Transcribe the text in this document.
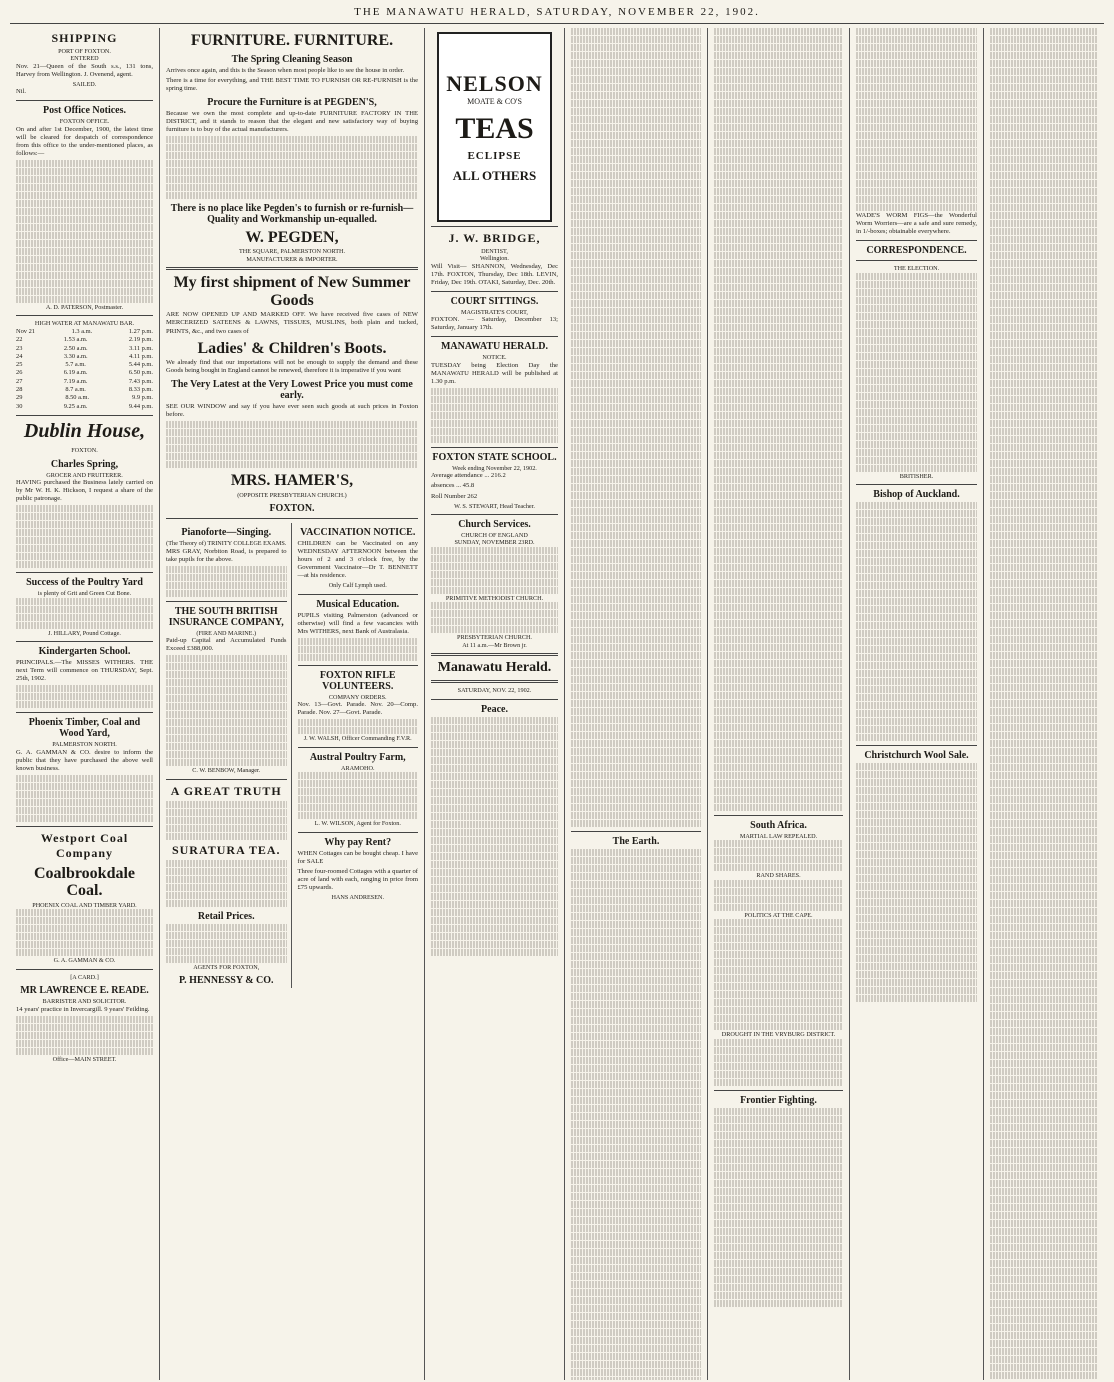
THE MANAWATU HERALD, SATURDAY, NOVEMBER 22, 1902.
SHIPPING
PORT OF FOXTON.
ENTERED
Nov. 21—Queen of the South s.s., 131 tons, Harvey from Wellington. J. Ovenend, agent.
SAILED.
Nil.
Post Office Notices.
FOXTON OFFICE.
On and after 1st December, 1900, the latest time will be cleared for despatch of correspondence from this office to the under-mentioned places, as follows:—
A. D. PATERSON, Postmaster.
HIGH WATER AT MANAWATU BAR.
Nov 21	1.3 a.m.	1.27 p.m.
22	1.53 a.m.	2.19 p.m.
23	2.50 a.m.	3.11 p.m.
24	3.30 a.m.	4.11 p.m.
25	5.7 a.m.	5.44 p.m.
26	6.19 a.m.	6.50 p.m.
27	7.19 a.m.	7.43 p.m.
28	8.7 a.m.	8.33 p.m.
29	8.50 a.m.	9.9 p.m.
30	9.25 a.m.	9.44 p.m.
Dublin House,
FOXTON.
Charles Spring,
GROCER AND FRUITERER.
HAVING purchased the Business lately carried on by Mr W. H. K. Hickson, I request a share of the public patronage.
Success of the Poultry Yard
is plenty of Grit and Green Cut Bone.
J. HILLARY, Pound Cottage.
Kindergarten School.
PRINCIPALS.—The MISSES WITHERS. THE next Term will commence on THURSDAY, Sept. 25th, 1902.
Phoenix Timber, Coal and Wood Yard,
PALMERSTON NORTH.
G. A. GAMMAN & CO. desire to inform the public that they have purchased the above well known business.
Westport Coal Company
Coalbrookdale Coal.
PHOENIX COAL AND TIMBER YARD.
G. A. GAMMAN & CO.
[A CARD.]
MR LAWRENCE E. READE.
BARRISTER AND SOLICITOR.
14 years' practice in Invercargill. 9 years' Feilding.
Office—MAIN STREET.
FURNITURE. FURNITURE.
The Spring Cleaning Season
Arrives once again, and this is the Season when most people like to see the house in order.
There is a time for everything, and THE BEST TIME TO FURNISH OR RE-FURNISH is the spring time.
Procure the Furniture is at PEGDEN'S,
Because we own the most complete and up-to-date FURNITURE FACTORY IN THE DISTRICT, and it stands to reason that the elegant and new satisfactory way of buying furniture is to buy of the actual manufacturers.
There is no place like Pegden's to furnish or re-furnish—Quality and Workmanship un-equalled.
W. PEGDEN,
THE SQUARE, PALMERSTON NORTH.
MANUFACTURER & IMPORTER.
My first shipment of New Summer Goods
ARE NOW OPENED UP AND MARKED OFF. We have received five cases of NEW MERCERIZED SATEENS & LAWNS, TISSUES, MUSLINS, both plain and tucked, PRINTS, &c., and two cases of
Ladies' & Children's Boots.
We already find that our importations will not be enough to supply the demand and these Goods being bought in England cannot be renewed, therefore it is imperative if you want
The Very Latest at the Very Lowest Price you must come early.
SEE OUR WINDOW and say if you have ever seen such goods at such prices in Foxton before.
MRS. HAMER'S,
(OPPOSITE PRESBYTERIAN CHURCH.)
FOXTON.
Pianoforte—Singing.
(The Theory of) TRINITY COLLEGE EXAMS.
MRS GRAY, Norbiton Road, is prepared to take pupils for the above.
THE SOUTH BRITISH INSURANCE COMPANY,
(FIRE AND MARINE.)
Paid-up Capital and Accumulated Funds Exceed £388,000.
C. W. BENBOW, Manager.
A GREAT TRUTH
SURATURA TEA.
Retail Prices.
AGENTS FOR FOXTON,
P. HENNESSY & CO.
VACCINATION NOTICE.
CHILDREN can be Vaccinated on any WEDNESDAY AFTERNOON between the hours of 2 and 3 o'clock free, by the Government Vaccinator—Dr T. BENNETT—at his residence.
Only Calf Lymph used.
Musical Education.
PUPILS visiting Palmerston (advanced or otherwise) will find a few vacancies with Mrs WITHERS, next Bank of Australasia.
FOXTON RIFLE VOLUNTEERS.
COMPANY ORDERS.
Nov. 13—Govt. Parade. Nov. 20—Comp. Parade. Nov. 27—Govt. Parade.
J. W. WALSH, Officer Commanding F.V.R.
Austral Poultry Farm,
ARAMOHO.
L. W. WILSON, Agent for Foxton.
Why pay Rent?
WHEN Cottages can be bought cheap. I have for SALE
Three four-roomed Cottages with a quarter of acre of land with each, ranging in price from £75 upwards.
HANS ANDRESEN.
NELSON
MOATE & CO'S
TEAS
ECLIPSE
ALL OTHERS
J. W. BRIDGE,
DENTIST,
Wellington.
Will Visit— SHANNON, Wednesday, Dec 17th. FOXTON, Thursday, Dec 18th. LEVIN, Friday, Dec 19th. OTAKI, Saturday, Dec. 20th.
COURT SITTINGS.
MAGISTRATE'S COURT,
FOXTON. — Saturday, December 13; Saturday, January 17th.
MANAWATU HERALD.
NOTICE.
TUESDAY being Election Day the MANAWATU HERALD will be published at 1.30 p.m.
FOXTON STATE SCHOOL.
Week ending November 22, 1902.
Average attendance ... 216.2
absences ... 45.8
Roll Number 262
W. S. STEWART, Head Teacher.
Church Services.
CHURCH OF ENGLAND
SUNDAY, NOVEMBER 23RD.
PRIMITIVE METHODIST CHURCH.
PRESBYTERIAN CHURCH.
At 11 a.m.—Mr Brown jr.
Manawatu Herald.
SATURDAY, NOV. 22, 1902.
Peace.
The Earth.
South Africa.
MARTIAL LAW REPEALED.
RAND SHARES.
POLITICS AT THE CAPE.
DROUGHT IN THE VRYBURG DISTRICT.
Frontier Fighting.
WADE'S WORM FIGS—the Wonderful Worm Worriers—are a safe and sure remedy, in 1/-boxes; obtainable everywhere.
CORRESPONDENCE.
THE ELECTION.
BRITISHER.
Bishop of Auckland.
Christchurch Wool Sale.
